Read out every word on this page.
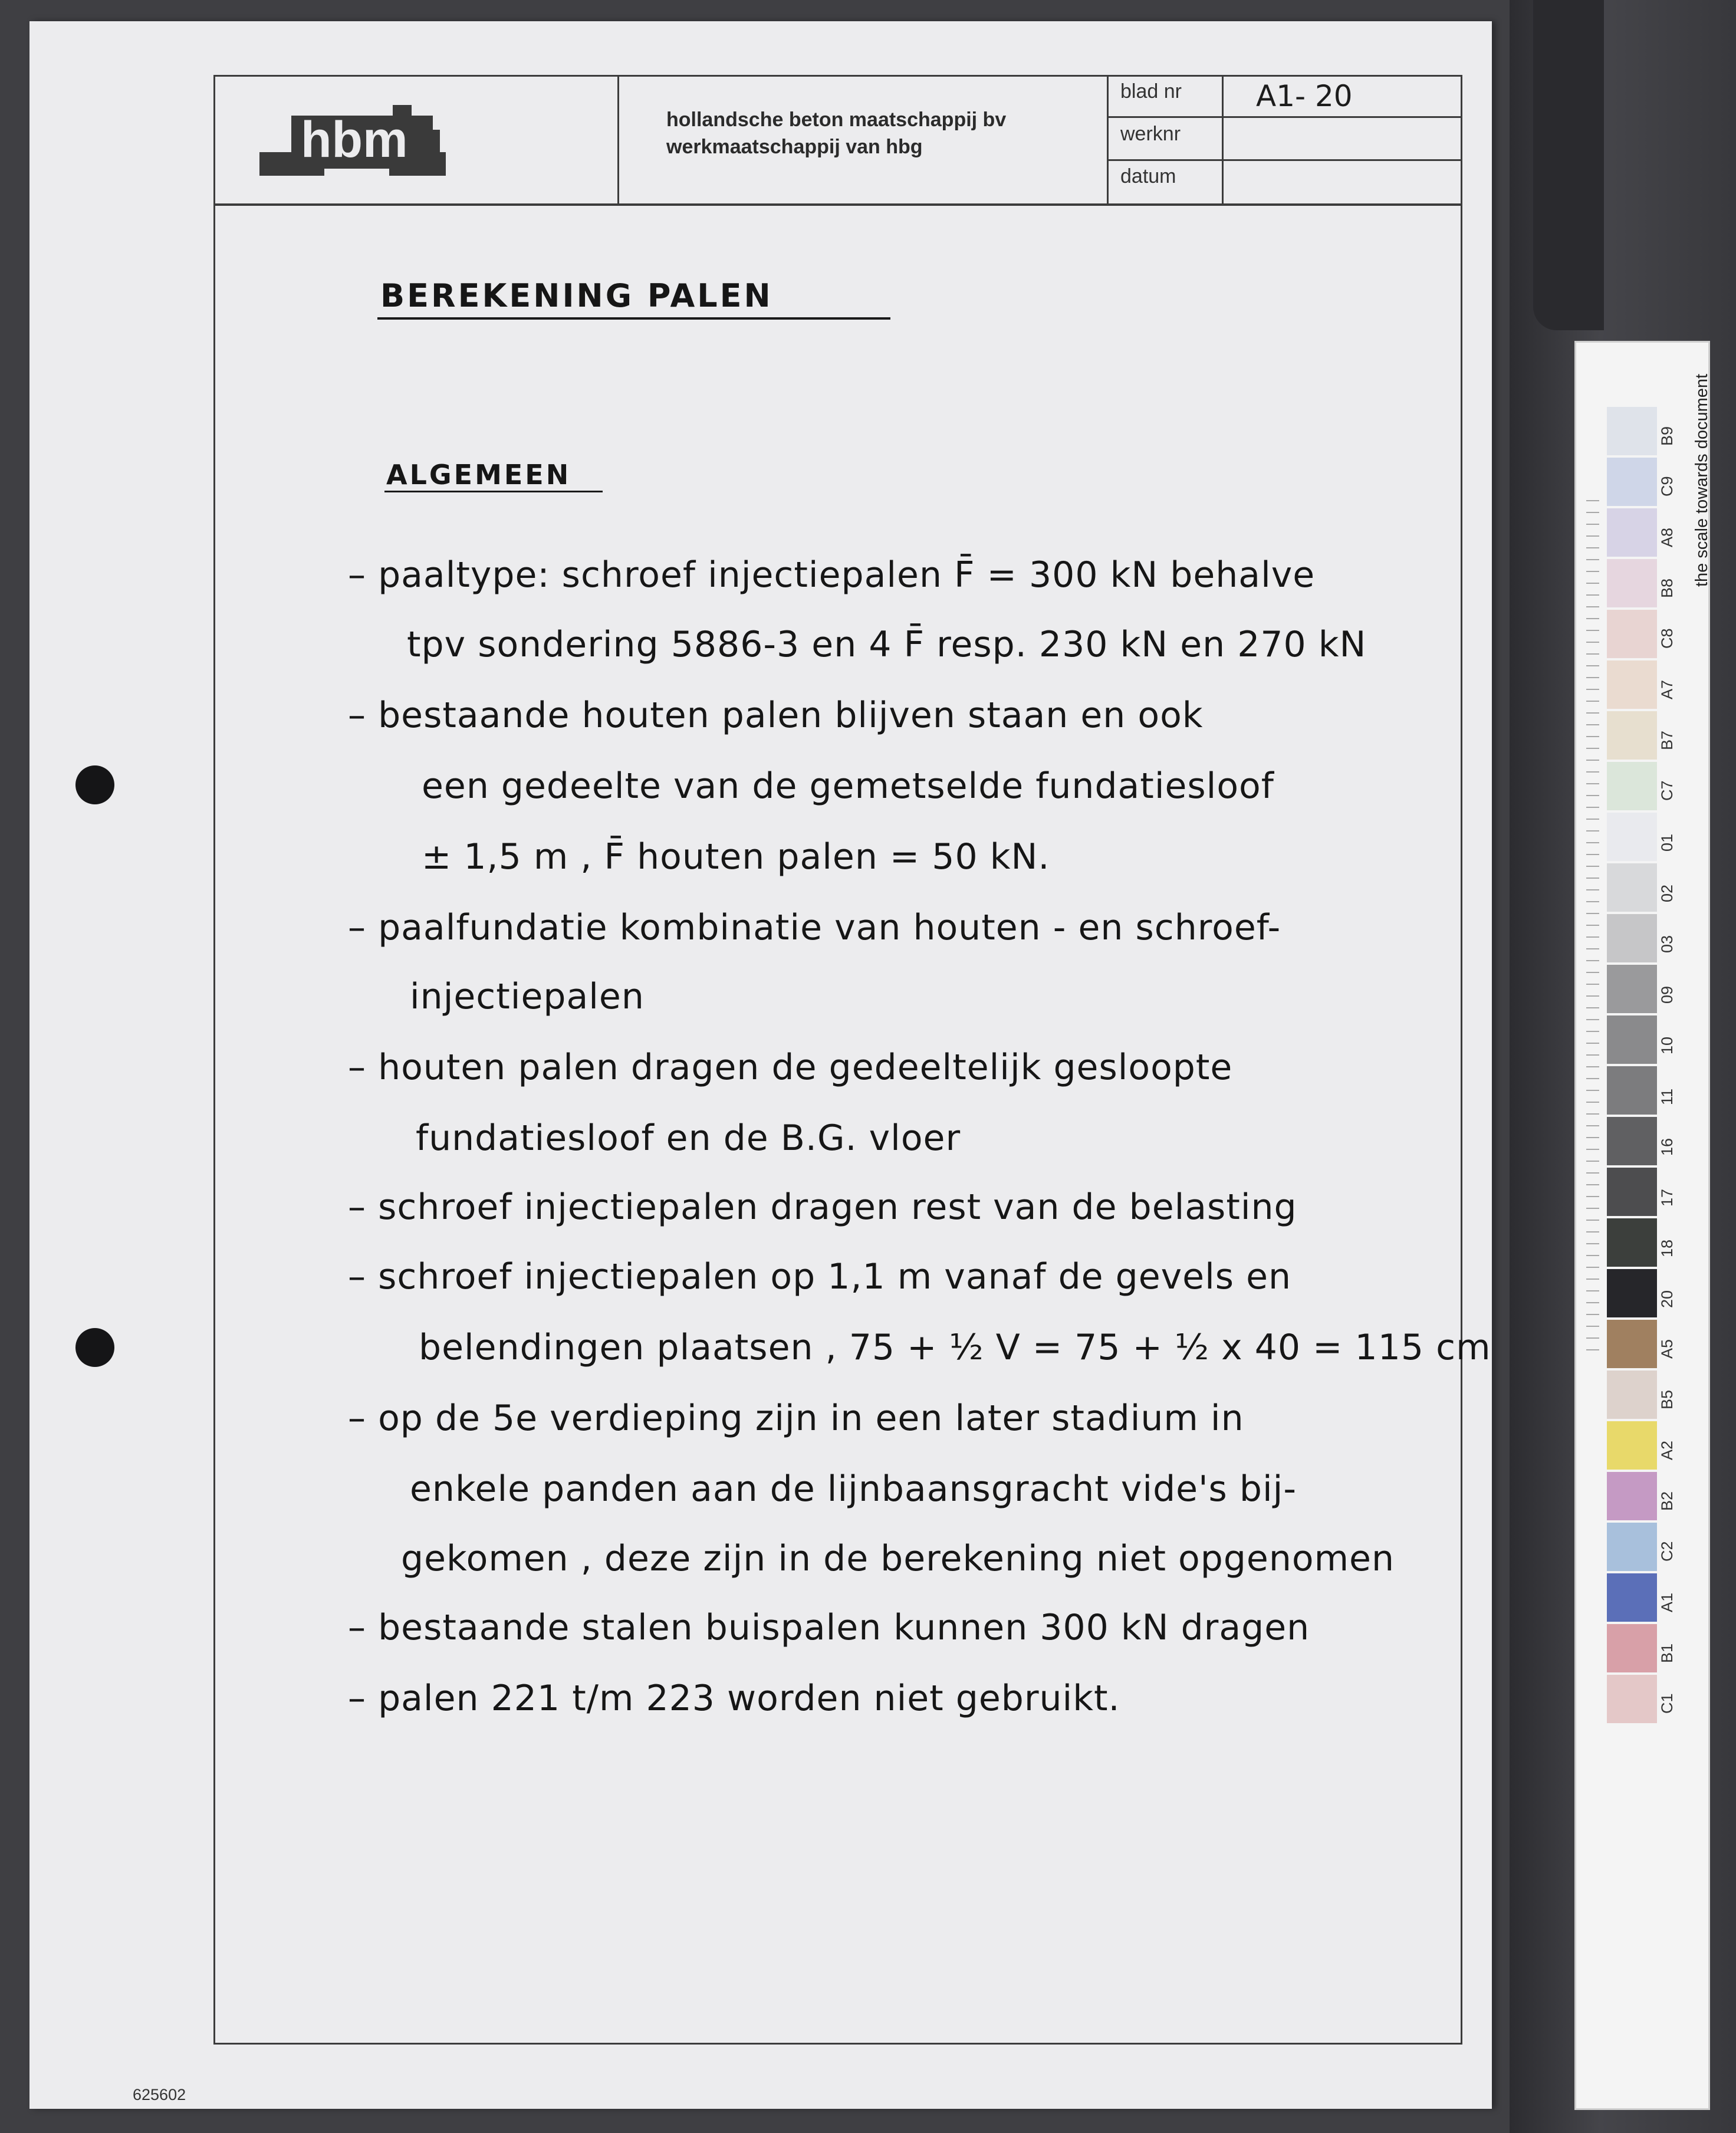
hbm	hollandsche beton maatschappij bv
werkmaatschappij van hbg
blad nr
werknr
datum
A1- 20
BEREKENING PALEN
ALGEMEEN
– paaltype: schroef injectiepalen F̄ = 300 kN behalve
tpv sondering 5886-3 en 4 F̄ resp. 230 kN en 270 kN
– bestaande houten palen blijven staan en ook
een gedeelte van de gemetselde fundatiesloof
± 1,5 m , F̄ houten palen = 50 kN.
– paalfundatie kombinatie van houten - en schroef-
injectiepalen
– houten palen dragen de gedeeltelijk gesloopte
fundatiesloof en de B.G. vloer
– schroef injectiepalen dragen rest van de belasting
– schroef injectiepalen op 1,1 m vanaf de gevels en
belendingen plaatsen , 75 + ½ V = 75 + ½ x 40 = 115 cm
– op de 5e verdieping zijn in een later stadium in
enkele panden aan de lijnbaansgracht vide's bij-
gekomen , deze zijn in de berekening niet opgenomen
– bestaande stalen buispalen kunnen 300 kN dragen
– palen 221 t/m 223 worden niet gebruikt.
625602
B9
C9
A8
B8
C8
A7
B7
C7
01
02
03
09
10
11
16
17
18
20
A5
B5
A2
B2
C2
A1
B1
C1
the scale towards document
